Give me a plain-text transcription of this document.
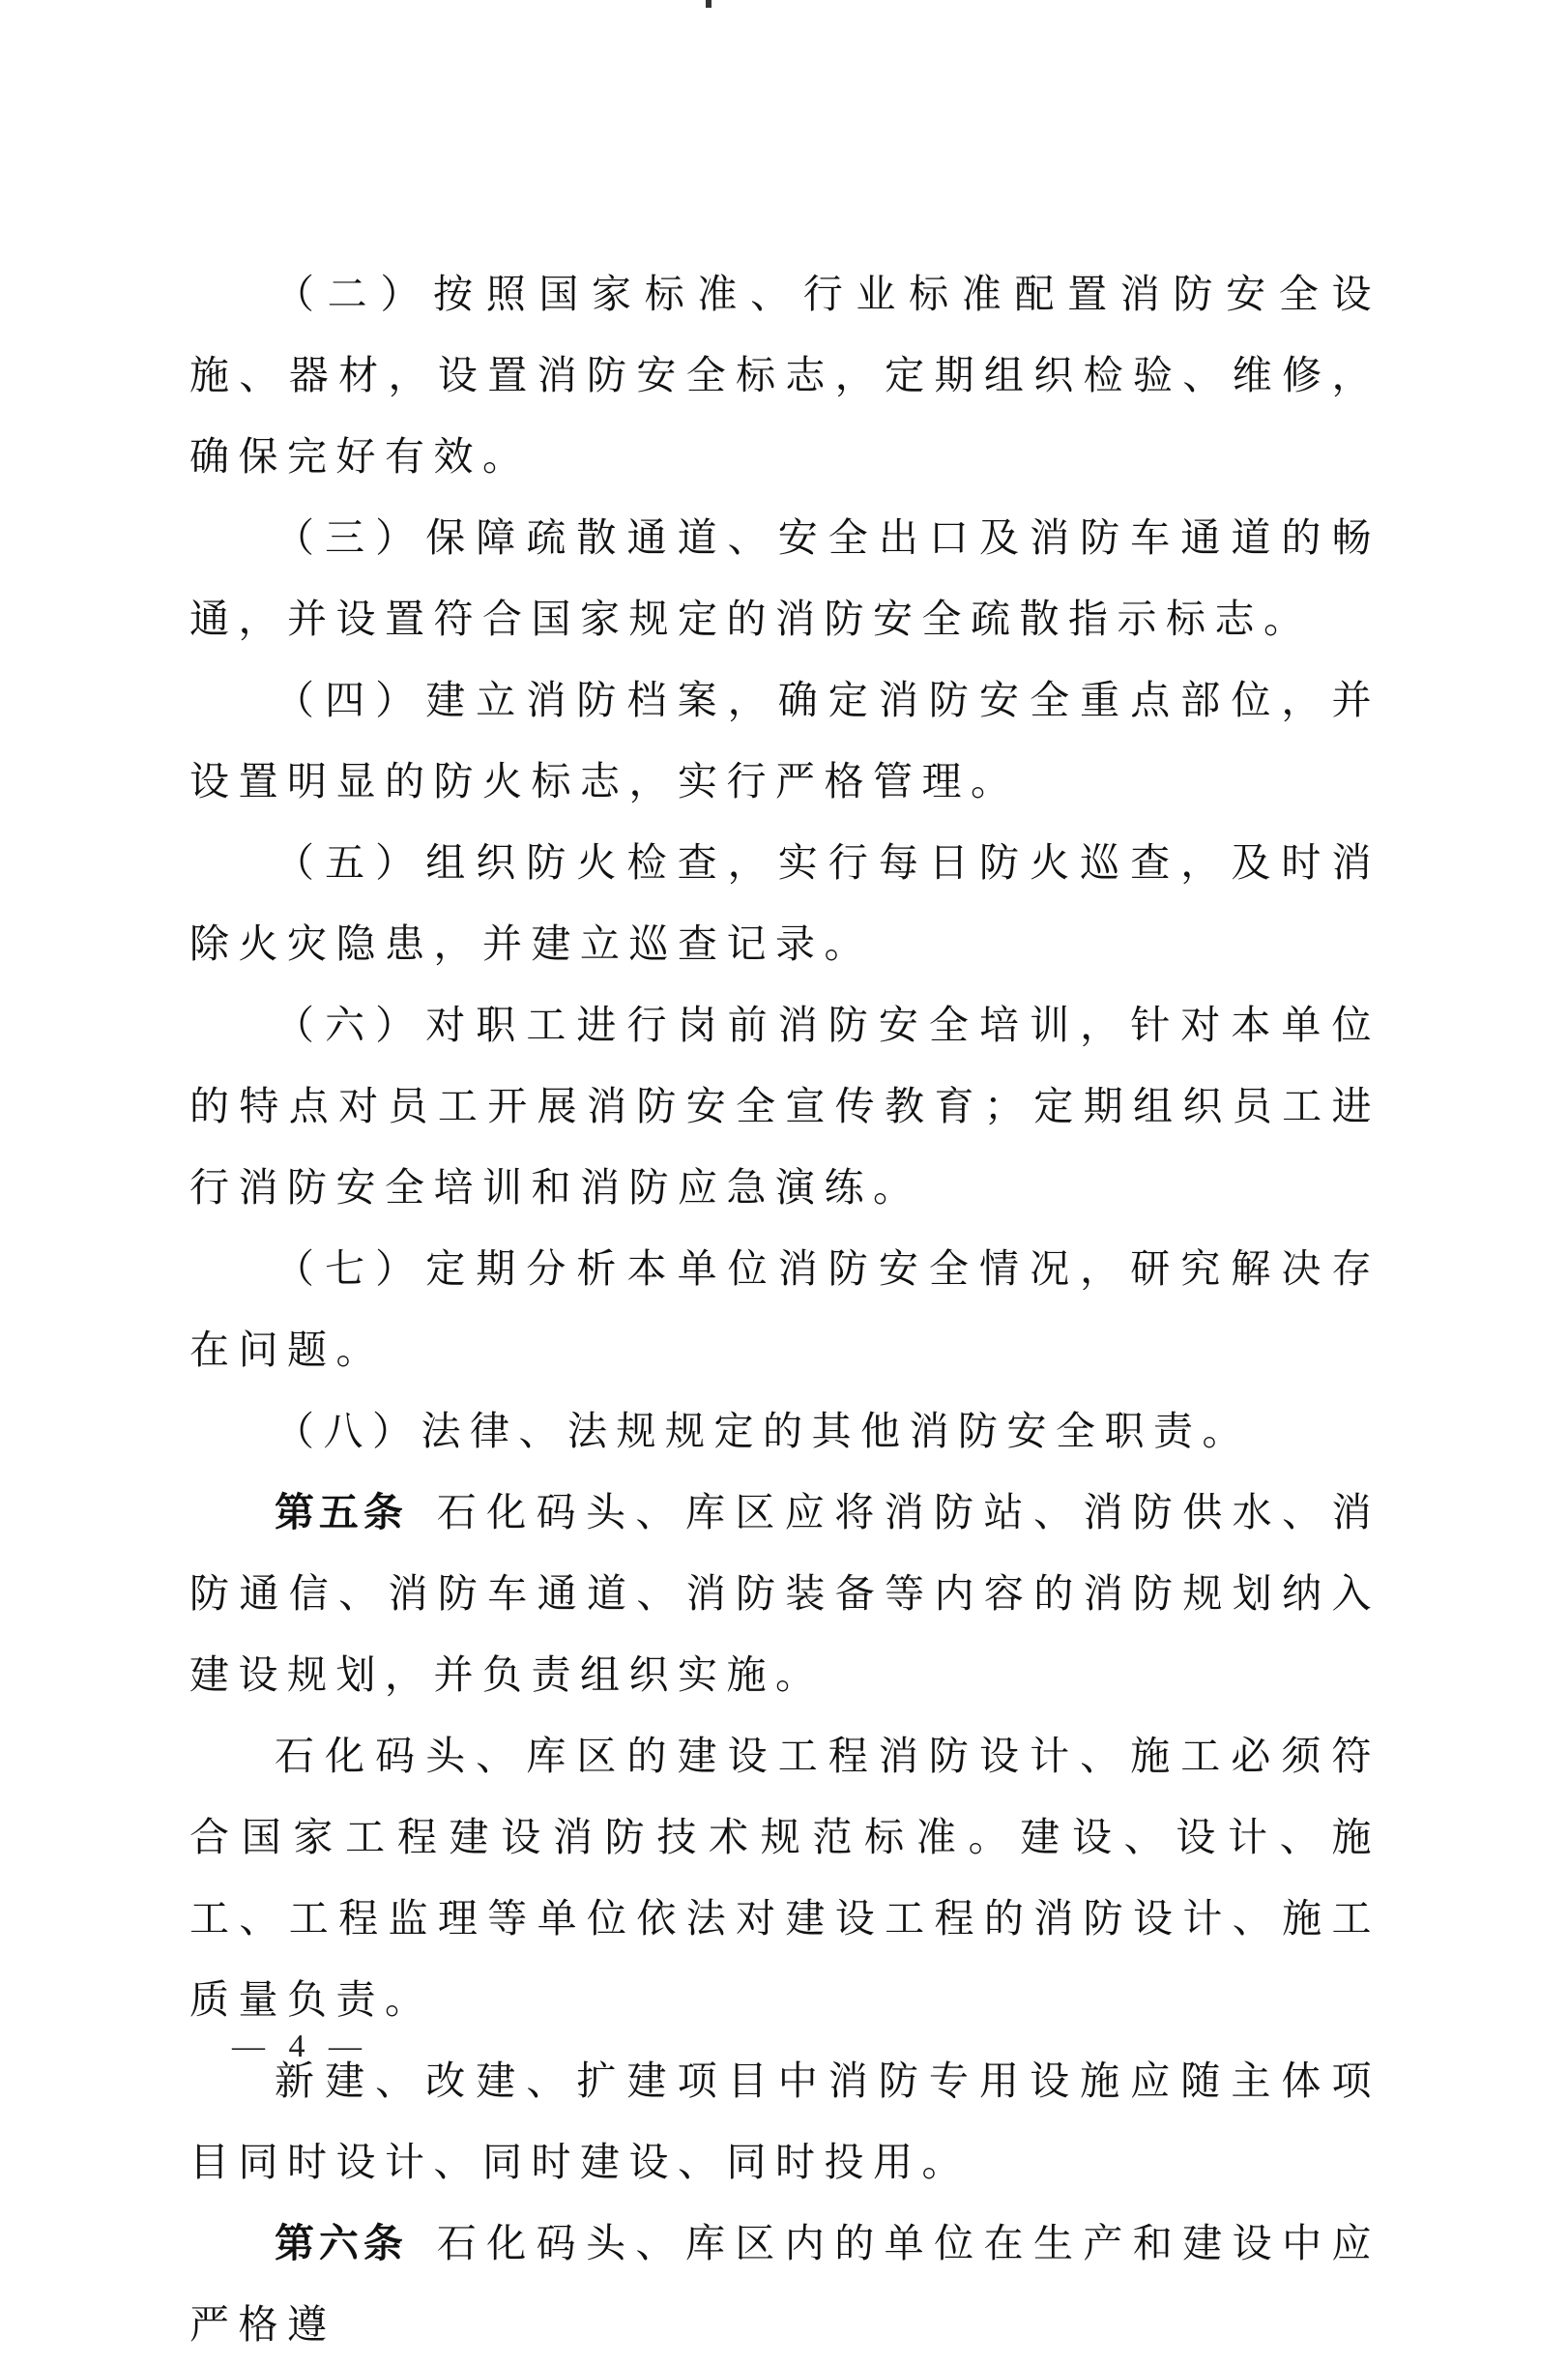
（二）按照国家标准、行业标准配置消防安全设施、器材，设置消防安全标志，定期组织检验、维修，确保完好有效。

（三）保障疏散通道、安全出口及消防车通道的畅通，并设置符合国家规定的消防安全疏散指示标志。

（四）建立消防档案，确定消防安全重点部位，并设置明显的防火标志，实行严格管理。

（五）组织防火检查，实行每日防火巡查，及时消除火灾隐患，并建立巡查记录。

（六）对职工进行岗前消防安全培训，针对本单位的特点对员工开展消防安全宣传教育；定期组织员工进行消防安全培训和消防应急演练。

（七）定期分析本单位消防安全情况，研究解决存在问题。

（八）法律、法规规定的其他消防安全职责。

第五条 石化码头、库区应将消防站、消防供水、消防通信、消防车通道、消防装备等内容的消防规划纳入建设规划，并负责组织实施。

石化码头、库区的建设工程消防设计、施工必须符合国家工程建设消防技术规范标准。建设、设计、施工、工程监理等单位依法对建设工程的消防设计、施工质量负责。

新建、改建、扩建项目中消防专用设施应随主体项目同时设计、同时建设、同时投用。

第六条 石化码头、库区内的单位在生产和建设中应严格遵

— 4 —
